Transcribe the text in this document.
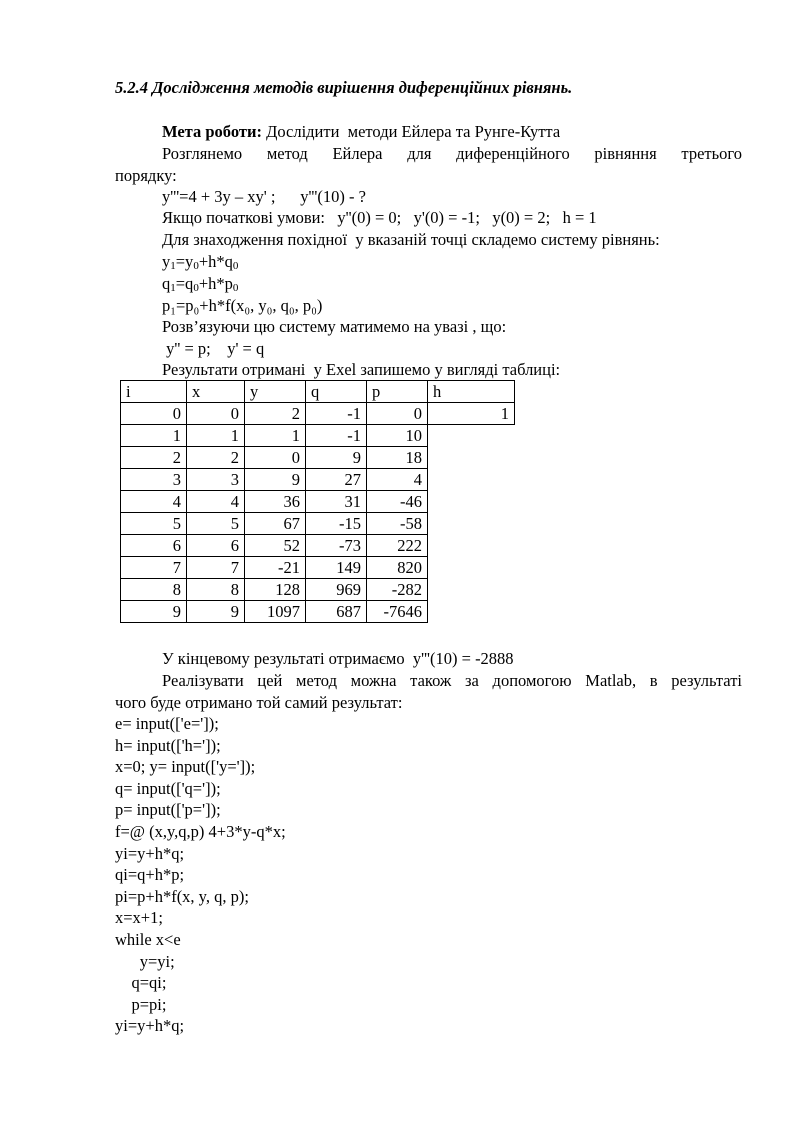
5.2.4 Дослідження методів вирішення диференційних рівнянь.
Мета роботи: Дослідити  методи Ейлера та Рунге-Кутта
Розглянемо метод Ейлера для диференційного рівняння третього
порядку:
y'''=4 + 3y – xy' ;      y'''(10) - ?
Якщо початкові умови:   y''(0) = 0;   y'(0) = -1;   y(0) = 2;   h = 1
Для знаходження похідної  у вказаній точці складемо систему рівнянь:
$y_1=y_0+h*q_0$
$q_1=q_0+h*p_0$
p₁=p₀+h*f(x₀, y₀, q₀, p₀)
Розв’язуючи цю систему матимемо на увазі , що:
y'' = p;    y' = q
Результати отримані  у Exel запишемо у вигляді таблиці:
i	x	y	q	p	h
0	0	2	-1	0	1
1	1	1	-1	10	
2	2	0	9	18	
3	3	9	27	4	
4	4	36	31	-46	
5	5	67	-15	-58	
6	6	52	-73	222	
7	7	-21	149	820	
8	8	128	969	-282	
9	9	1097	687	-7646	
У кінцевому результаті отримаємо  y'''(10) = -2888
Реалізувати цей метод можна також за допомогою Matlab, в результаті
чого буде отримано той самий результат:
e= input(['e=']);
h= input(['h=']);
x=0; y= input(['y=']);
q= input(['q=']);
p= input(['p=']);
f=@ (x,y,q,p) 4+3*y-q*x;
yi=y+h*q;
qi=q+h*p;
pi=p+h*f(x, y, q, p);
x=x+1;
while x<e
y=yi;
q=qi;
p=pi;
yi=y+h*q;
